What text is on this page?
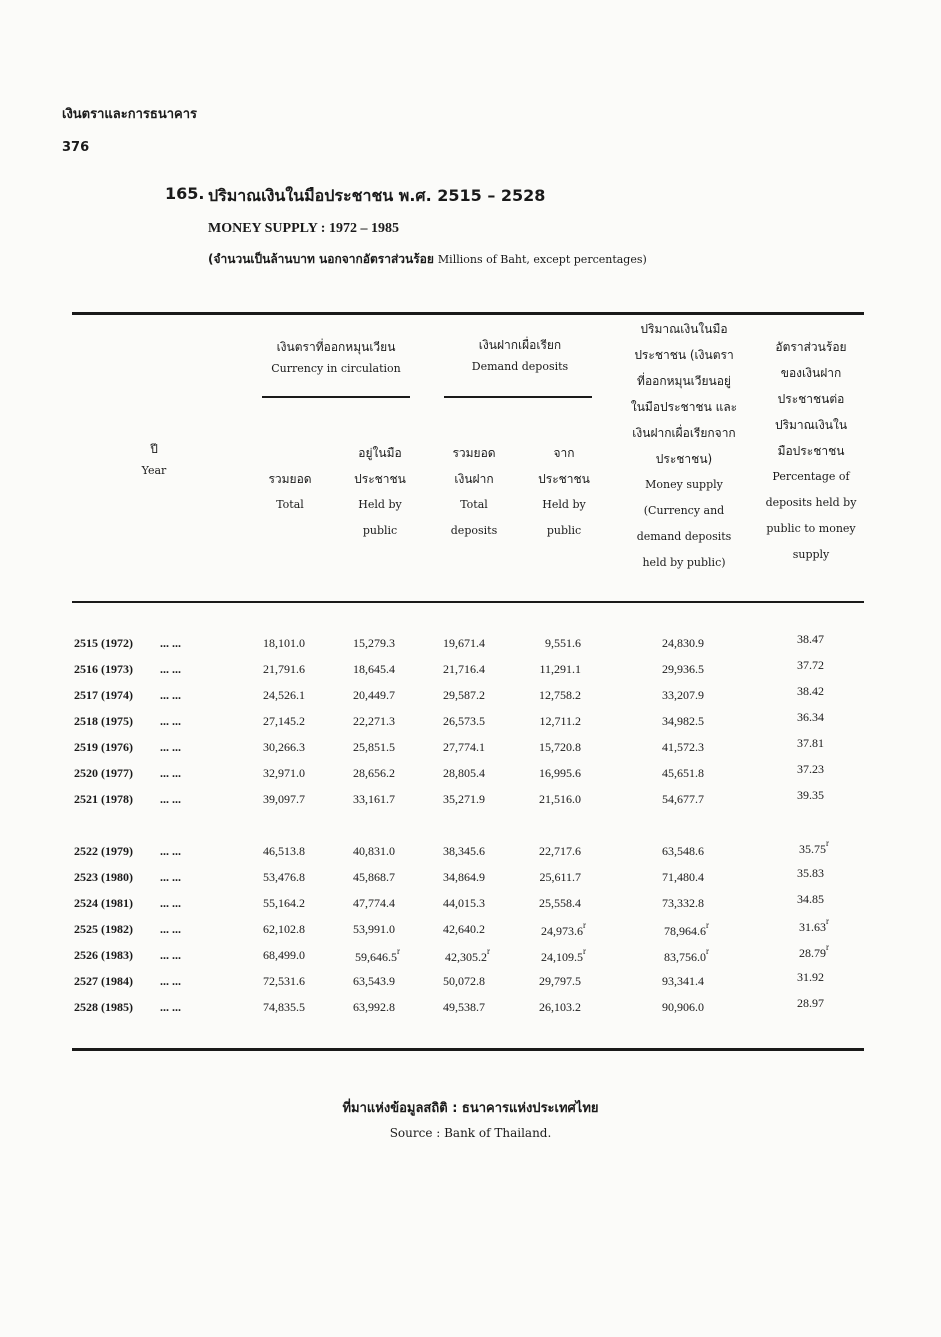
เงินตราและการธนาคาร
376
165. ปริมาณเงินในมือประชาชน พ.ศ. 2515 – 2528
MONEY SUPPLY : 1972 – 1985
(จำนวนเป็นล้านบาท นอกจากอัตราส่วนร้อย Millions of Baht, except percentages)
ปี
Year
เงินตราที่ออกหมุนเวียน
Currency in circulation
รวมยอด
Total
อยู่ในมือ
ประชาชน
Held by
public
เงินฝากเผื่อเรียก
Demand deposits
รวมยอด
เงินฝาก
Total
deposits
จาก
ประชาชน
Held by
public
ปริมาณเงินในมือ
ประชาชน (เงินตรา
ที่ออกหมุนเวียนอยู่
ในมือประชาชน และ
เงินฝากเผื่อเรียกจาก
ประชาชน)
Money supply
(Currency and
demand deposits
held by public)
อัตราส่วนร้อย
ของเงินฝาก
ประชาชนต่อ
ปริมาณเงินใน
มือประชาชน
Percentage of
deposits held by
public to money
supply
2515 (1972) ... ...	18,101.0	15,279.3	19,671.4	9,551.6	24,830.9	38.47
2516 (1973) ... ...	21,791.6	18,645.4	21,716.4	11,291.1	29,936.5	37.72
2517 (1974) ... ...	24,526.1	20,449.7	29,587.2	12,758.2	33,207.9	38.42
2518 (1975) ... ...	27,145.2	22,271.3	26,573.5	12,711.2	34,982.5	36.34
2519 (1976) ... ...	30,266.3	25,851.5	27,774.1	15,720.8	41,572.3	37.81
2520 (1977) ... ...	32,971.0	28,656.2	28,805.4	16,995.6	45,651.8	37.23
2521 (1978) ... ...	39,097.7	33,161.7	35,271.9	21,516.0	54,677.7	39.35
2522 (1979) ... ...	46,513.8	40,831.0	38,345.6	22,717.6	63,548.6	35.75$^r$
2523 (1980) ... ...	53,476.8	45,868.7	34,864.9	25,611.7	71,480.4	35.83
2524 (1981) ... ...	55,164.2	47,774.4	44,015.3	25,558.4	73,332.8	34.85
2525 (1982) ... ...	62,102.8	53,991.0	42,640.2	24,973.6$^r$	78,964.6$^r$	31.63$^r$
2526 (1983) ... ...	68,499.0	59,646.5$^r$	42,305.2$^r$	24,109.5$^r$	83,756.0$^r$	28.79$^r$
2527 (1984) ... ...	72,531.6	63,543.9	50,072.8	29,797.5	93,341.4	31.92
2528 (1985) ... ...	74,835.5	63,992.8	49,538.7	26,103.2	90,906.0	28.97
ที่มาแห่งข้อมูลสถิติ : ธนาคารแห่งประเทศไทย
Source : Bank of Thailand.
